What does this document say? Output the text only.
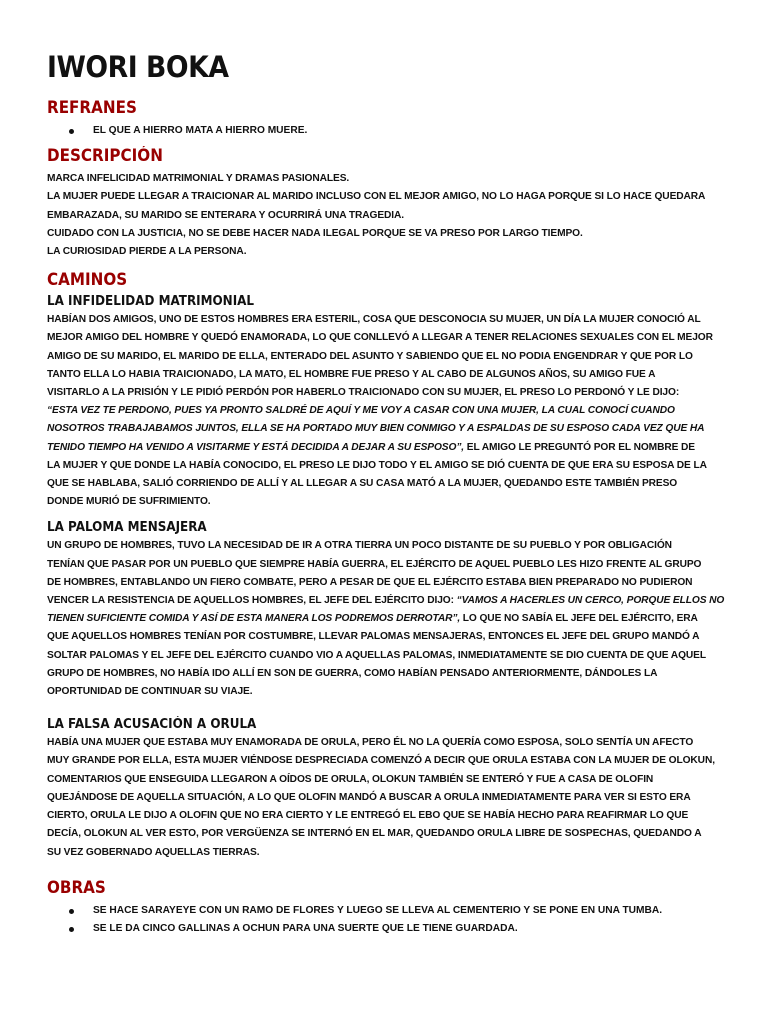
IWORI BOKA
REFRANES
EL QUE A HIERRO MATA A HIERRO MUERE.
DESCRIPCIÓN

MARCA INFELICIDAD MATRIMONIAL Y DRAMAS PASIONALES.
LA MUJER PUEDE LLEGAR A TRAICIONAR AL MARIDO INCLUSO CON EL MEJOR AMIGO, NO LO HAGA PORQUE SI LO HACE QUEDARA
EMBARAZADA, SU MARIDO SE ENTERARA Y OCURRIRÁ UNA TRAGEDIA.
CUIDADO CON LA JUSTICIA, NO SE DEBE HACER NADA ILEGAL PORQUE SE VA PRESO POR LARGO TIEMPO.
LA CURIOSIDAD PIERDE A LA PERSONA.

CAMINOS
LA INFIDELIDAD MATRIMONIAL

HABÍAN DOS AMIGOS, UNO DE ESTOS HOMBRES ERA ESTERIL, COSA QUE DESCONOCIA SU MUJER, UN DÍA LA MUJER CONOCIÓ AL
MEJOR AMIGO DEL HOMBRE Y QUEDÓ ENAMORADA, LO QUE CONLLEVÓ A LLEGAR A TENER RELACIONES SEXUALES CON EL MEJOR
AMIGO DE SU MARIDO, EL MARIDO DE ELLA, ENTERADO DEL ASUNTO Y SABIENDO QUE EL NO PODIA ENGENDRAR Y QUE POR LO
TANTO ELLA LO HABIA TRAICIONADO, LA MATO, EL HOMBRE FUE PRESO Y AL CABO DE ALGUNOS AÑOS, SU AMIGO FUE A
VISITARLO A LA PRISIÓN Y LE PIDIÓ PERDÓN POR HABERLO TRAICIONADO CON SU MUJER, EL PRESO LO PERDONÓ Y LE DIJO:
“ESTA VEZ TE PERDONO, PUES YA PRONTO SALDRÉ DE AQUÍ Y ME VOY A CASAR CON UNA MUJER, LA CUAL CONOCÍ CUANDO
NOSOTROS TRABAJABAMOS JUNTOS, ELLA SE HA PORTADO MUY BIEN CONMIGO Y A ESPALDAS DE SU ESPOSO CADA VEZ QUE HA
TENIDO TIEMPO HA VENIDO A VISITARME Y ESTÁ DECIDIDA A DEJAR A SU ESPOSO”, EL AMIGO LE PREGUNTÓ POR EL NOMBRE DE
LA MUJER Y QUE DONDE LA HABÍA CONOCIDO, EL PRESO LE DIJO TODO Y EL AMIGO SE DIÓ CUENTA DE QUE ERA SU ESPOSA DE LA
QUE SE HABLABA, SALIÓ CORRIENDO DE ALLÍ Y AL LLEGAR A SU CASA MATÓ A LA MUJER, QUEDANDO ESTE TAMBIÉN PRESO
DONDE MURIÓ DE SUFRIMIENTO.

LA PALOMA MENSAJERA

UN GRUPO DE HOMBRES, TUVO LA NECESIDAD DE IR A OTRA TIERRA UN POCO DISTANTE DE SU PUEBLO Y POR OBLIGACIÓN
TENÍAN QUE PASAR POR UN PUEBLO QUE SIEMPRE HABÍA GUERRA, EL EJÉRCITO DE AQUEL PUEBLO LES HIZO FRENTE AL GRUPO
DE HOMBRES, ENTABLANDO UN FIERO COMBATE, PERO A PESAR DE QUE EL EJÉRCITO ESTABA BIEN PREPARADO NO PUDIERON
VENCER LA RESISTENCIA DE AQUELLOS HOMBRES, EL JEFE DEL EJÉRCITO DIJO: “VAMOS A HACERLES UN CERCO, PORQUE ELLOS NO
TIENEN SUFICIENTE COMIDA Y ASÍ DE ESTA MANERA LOS PODREMOS DERROTAR”, LO QUE NO SABÍA EL JEFE DEL EJÉRCITO, ERA
QUE AQUELLOS HOMBRES TENÍAN POR COSTUMBRE, LLEVAR PALOMAS MENSAJERAS, ENTONCES EL JEFE DEL GRUPO MANDÓ A
SOLTAR PALOMAS Y EL JEFE DEL EJÉRCITO CUANDO VIO A AQUELLAS PALOMAS, INMEDIATAMENTE SE DIO CUENTA DE QUE AQUEL
GRUPO DE HOMBRES, NO HABÍA IDO ALLÍ EN SON DE GUERRA, COMO HABÍAN PENSADO ANTERIORMENTE, DÁNDOLES LA
OPORTUNIDAD DE CONTINUAR SU VIAJE.

LA FALSA ACUSACIÓN A ORULA

HABÍA UNA MUJER QUE ESTABA MUY ENAMORADA DE ORULA, PERO ÉL NO LA QUERÍA COMO ESPOSA, SOLO SENTÍA UN AFECTO
MUY GRANDE POR ELLA, ESTA MUJER VIÉNDOSE DESPRECIADA COMENZÓ A DECIR QUE ORULA ESTABA CON LA MUJER DE OLOKUN,
COMENTARIOS QUE ENSEGUIDA LLEGARON A OÍDOS DE ORULA, OLOKUN TAMBIÉN SE ENTERÓ Y FUE A CASA DE OLOFIN
QUEJÁNDOSE DE AQUELLA SITUACIÓN, A LO QUE OLOFIN MANDÓ A BUSCAR A ORULA INMEDIATAMENTE PARA VER SI ESTO ERA
CIERTO, ORULA LE DIJO A OLOFIN QUE NO ERA CIERTO Y LE ENTREGÓ EL EBO QUE SE HABÍA HECHO PARA REAFIRMAR LO QUE
DECÍA, OLOKUN AL VER ESTO, POR VERGÜENZA SE INTERNÓ EN EL MAR, QUEDANDO ORULA LIBRE DE SOSPECHAS, QUEDANDO A
SU VEZ GOBERNADO AQUELLAS TIERRAS.

OBRAS
SE HACE SARAYEYE CON UN RAMO DE FLORES Y LUEGO SE LLEVA AL CEMENTERIO Y SE PONE EN UNA TUMBA.
SE LE DA CINCO GALLINAS A OCHUN PARA UNA SUERTE QUE LE TIENE GUARDADA.
